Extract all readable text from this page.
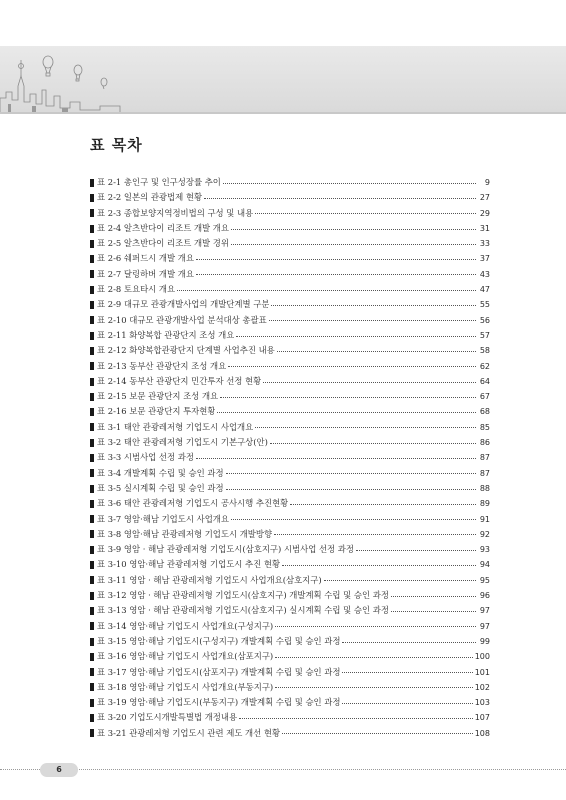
표 목차
표 2-1 총인구 및 인구성장률 추이	9
표 2-2 일본의 관광법제 현황	27
표 2-3 종합보양지역정비법의 구성 및 내용	29
표 2-4 알츠반다이 리조트 개발 개요	31
표 2-5 알츠반다이 리조트 개발 경위	33
표 2-6 쉐퍼드시 개발 개요	37
표 2-7 달링하버 개발 개요	43
표 2-8 토요타시 개요	47
표 2-9 대규모 관광개발사업의 개발단계별 구분	55
표 2-10 대규모 관광개발사업 분석대상 총괄표	56
표 2-11 화양복합 관광단지 조성 개요	57
표 2-12 화양복합관광단지 단계별 사업추진 내용	58
표 2-13 동부산 관광단지 조성 개요	62
표 2-14 동부산 관광단지 민간투자 선정 현황	64
표 2-15 보문 관광단지 조성 개요	67
표 2-16 보문 관광단지 투자현황	68
표 3-1 태안 관광레저형 기업도시 사업개요	85
표 3-2 태안 관광레저형 기업도시 기본구상(안)	86
표 3-3 시범사업 선정 과정	87
표 3-4 개발계획 수립 및 승인 과정	87
표 3-5 실시계획 수립 및 승인 과정	88
표 3-6 태안 관광레저형 기업도시 공사시행 추진현황	89
표 3-7 영암·해남 기업도시 사업개요	91
표 3-8 영암·해남 관광레저형 기업도시 개발방향	92
표 3-9 영암 · 해남 관광레저형 기업도시(삼호지구) 시범사업 선정 과정	93
표 3-10 영암·해남 관광레저형 기업도시 추진 현황	94
표 3-11 영암 · 해남 관광레저형 기업도시 사업개요(삼호지구)	95
표 3-12 영암 · 해남 관광레저형 기업도시(삼호지구) 개발계획 수립 및 승인 과정	96
표 3-13 영암 · 해남 관광레저형 기업도시(삼호지구) 실시계획 수립 및 승인 과정	97
표 3-14 영암·해남 기업도시 사업개요(구성지구)	97
표 3-15 영암·해남 기업도시(구성지구) 개발계획 수립 및 승인 과정	99
표 3-16 영암·해남 기업도시 사업개요(삼포지구)	100
표 3-17 영암·해남 기업도시(삼포지구) 개발계획 수립 및 승인 과정	101
표 3-18 영암·해남 기업도시 사업개요(부동지구)	102
표 3-19 영암·해남 기업도시(부동지구) 개발계획 수립 및 승인 과정	103
표 3-20 기업도시개발특별법 개정내용	107
표 3-21 관광레저형 기업도시 관련 제도 개선 현황	108
6
